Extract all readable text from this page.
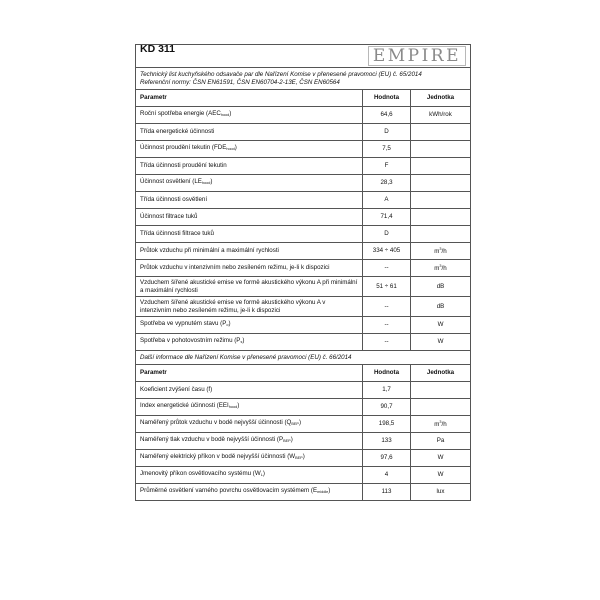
KD 311 EMPIRE		

Technický list kuchyňského odsavače par dle Nařízení Komise v přenesené pravomoci (EU) č. 65/2014
Referenční normy: ČSN EN61591, ČSN EN60704-2-13E, ČSN EN60564		

Parametr	Hodnota	Jednotka
Roční spotřeba energie $(AEC_{hood})$	64,6	kWh/rok
Třída energetické účinnosti	D	
Účinnost proudění tekutin $(FDE_{hood})$	7,5	
Třída účinnosti proudění tekutin	F	
Účinnost osvětlení $(LE_{hood})$	28,3	
Třída účinnosti osvětlení	A	
Účinnost filtrace tuků	71,4	
Třída účinnosti filtrace tuků	D	
Průtok vzduchu při minimální a maximální rychlosti	334 ÷ 405	$m^3/h$
Průtok vzduchu v intenzivním nebo zesíleném režimu, je-li k dispozici	--	$m^3/h$
Vzduchem šířené akustické emise ve formě akustického výkonu A při minimální a maximální rychlosti	51 ÷ 61	dB
Vzduchem šířené akustické emise ve formě akustického výkonu A v intenzivním nebo zesíleném režimu, je-li k dispozici	--	dB
Spotřeba ve vypnutém stavu $(P_o)$	--	W
Spotřeba v pohotovostním režimu $(P_s)$	--	W
Další informace dle Nařízení Komise v přenesené pravomoci (EU) č. 66/2014		
Parametr	Hodnota	Jednotka
Koeficient zvýšení času (f)	1,7	
Index energetické účinnosti $(EEI_{hood})$	90,7	
Naměřený průtok vzduchu v bodě nejvyšší účinnosti $(Q_{BEP})$	198,5	$m^3/h$
Naměřený tlak vzduchu v bodě nejvyšší účinnosti $(P_{BEP})$	133	Pa
Naměřený elektrický příkon v bodě nejvyšší účinnosti $(W_{BEP})$	97,6	W
Jmenovitý příkon osvětlovacího systému $(W_L)$	4	W
Průměrné osvětlení varného povrchu osvětlovacím systémem $(E_{middle})$	113	lux
